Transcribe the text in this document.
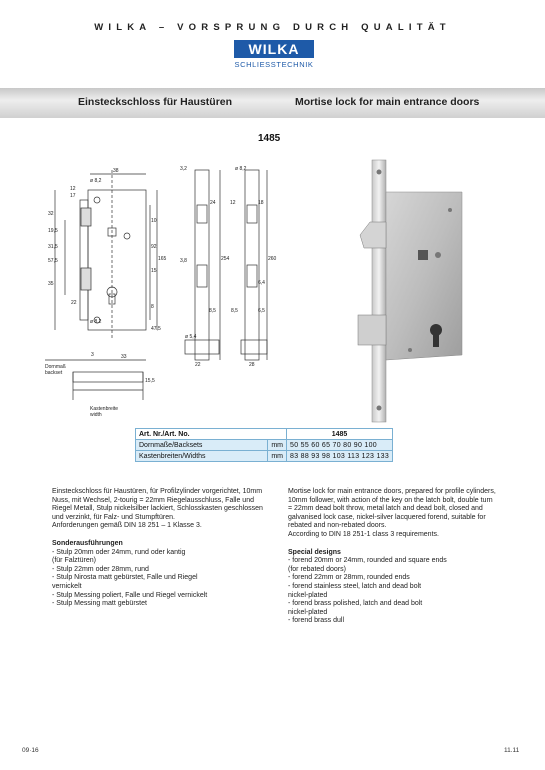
WILKA – VORSPRUNG DURCH QUALITÄT
WILKA
SCHLIESSTECHNIK
Einsteckschloss für Haustüren	Mortise lock for main entrance doors
1485
38
ø 8,2
12
17
32
19,5
31,5
57,5
35
22
92
165
10
15
8
47,5
ø 8,2
ø 5,4
3	33
3,2	ø 8,2
24	12	18
254	260
3,8
8,5
22	28
6,4
6,5
8,5
Dornmaß
backset
15,5
Kastenbreite
width
Art. Nr./Art. No.		1485
Dornmaße/Backsets	mm	50 55 60 65 70 80 90 100
Kastenbreiten/Widths	mm	83 88 93 98 103 113 123 133

Einsteckschloss für Haustüren, für Profilzylinder vorgerichtet, 10mm Nuss, mit Wechsel, 2-tourig = 22mm Riegelausschluss, Falle und Riegel Metall, Stulp nickelsilber lackiert, Schlosskasten geschlossen und verzinkt, für Falz- und Stumpftüren.

Anforderungen gemäß DIN 18 251 – 1 Klasse 3.

Sonderausführungen

- Stulp 20mm oder 24mm, rund oder kantig
(für Falztüren)
- Stulp 22mm oder 28mm, rund
- Stulp Nirosta matt gebürstet, Falle und Riegel
vernickelt
- Stulp Messing poliert, Falle und Riegel vernickelt
- Stulp Messing matt gebürstet

Mortise lock for main entrance doors, prepared for profile cylinders, 10mm follower, with action of the key on the latch bolt, double turn = 22mm dead bolt throw, metal latch and dead bolt, closed and galvanised lock case, nickel-silver lacquered forend, suitable for rebated and non-rebated doors.

According to DIN 18 251-1 class 3 requirements.

Special designs

- forend 20mm or 24mm, rounded and square ends
(for rebated doors)
- forend 22mm or 28mm, rounded ends
- forend stainless steel, latch and dead bolt
nickel-plated
- forend brass polished, latch and dead bolt
nickel-plated
- forend brass dull
09·16	11.11
